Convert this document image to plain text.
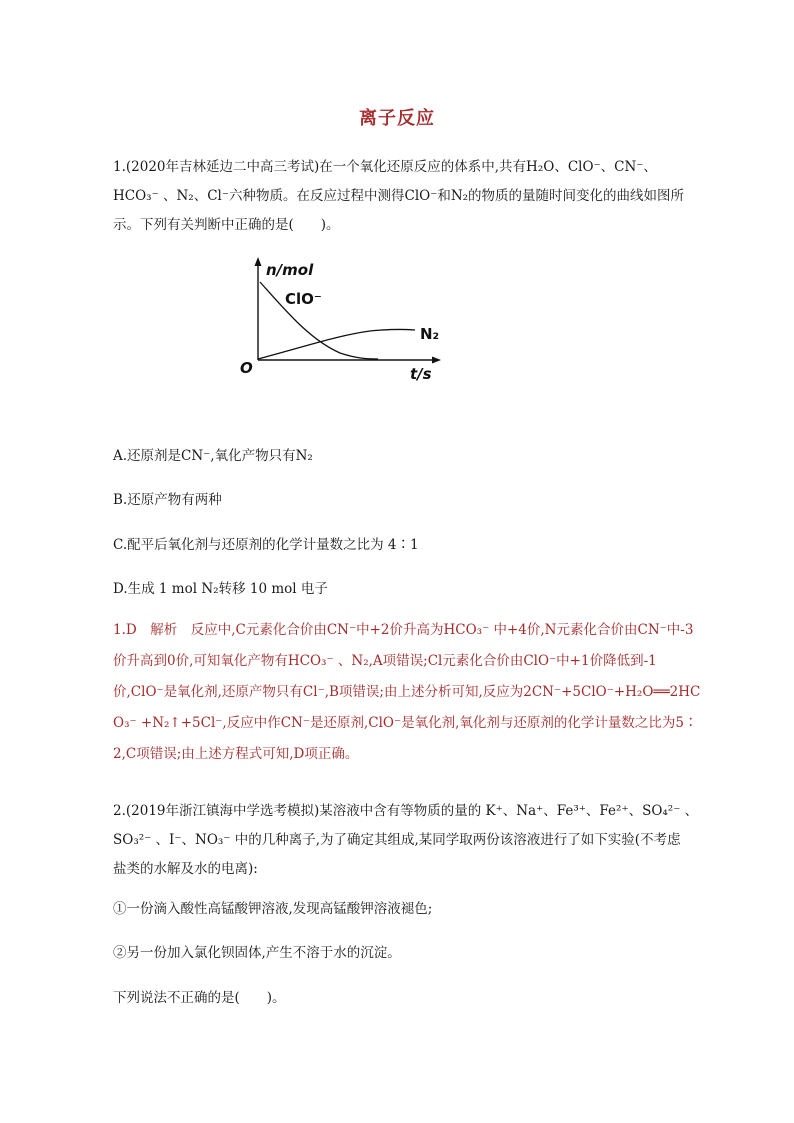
离子反应
1.(2020年吉林延边二中高三考试)在一个氧化还原反应的体系中,共有H₂O、ClO⁻、CN⁻、
HCO₃⁻ 、N₂、Cl⁻六种物质。在反应过程中测得ClO⁻和N₂的物质的量随时间变化的曲线如图所
示。下列有关判断中正确的是(　　)。
n/mol
ClO⁻
N₂
O	t/s
A.还原剂是CN⁻,氧化产物只有N₂
B.还原产物有两种
C.配平后氧化剂与还原剂的化学计量数之比为 4∶1
D.生成 1 mol N₂转移 10 mol 电子
1.D　解析　反应中,C元素化合价由CN⁻中+2价升高为HCO₃⁻ 中+4价,N元素化合价由CN⁻中-3
价升高到0价,可知氧化产物有HCO₃⁻ 、N₂,A项错误;Cl元素化合价由ClO⁻中+1价降低到-1
价,ClO⁻是氧化剂,还原产物只有Cl⁻,B项错误;由上述分析可知,反应为2CN⁻+5ClO⁻+H₂O══2HC
O₃⁻ +N₂↑+5Cl⁻,反应中作CN⁻是还原剂,ClO⁻是氧化剂,氧化剂与还原剂的化学计量数之比为5∶
2,C项错误;由上述方程式可知,D项正确。
2.(2019年浙江镇海中学选考模拟)某溶液中含有等物质的量的 K⁺、Na⁺、Fe³⁺、Fe²⁺、SO₄²⁻ 、
SO₃²⁻ 、I⁻、NO₃⁻ 中的几种离子,为了确定其组成,某同学取两份该溶液进行了如下实验(不考虑
盐类的水解及水的电离):
①一份滴入酸性高锰酸钾溶液,发现高锰酸钾溶液褪色;
②另一份加入氯化钡固体,产生不溶于水的沉淀。
下列说法不正确的是(　　)。
